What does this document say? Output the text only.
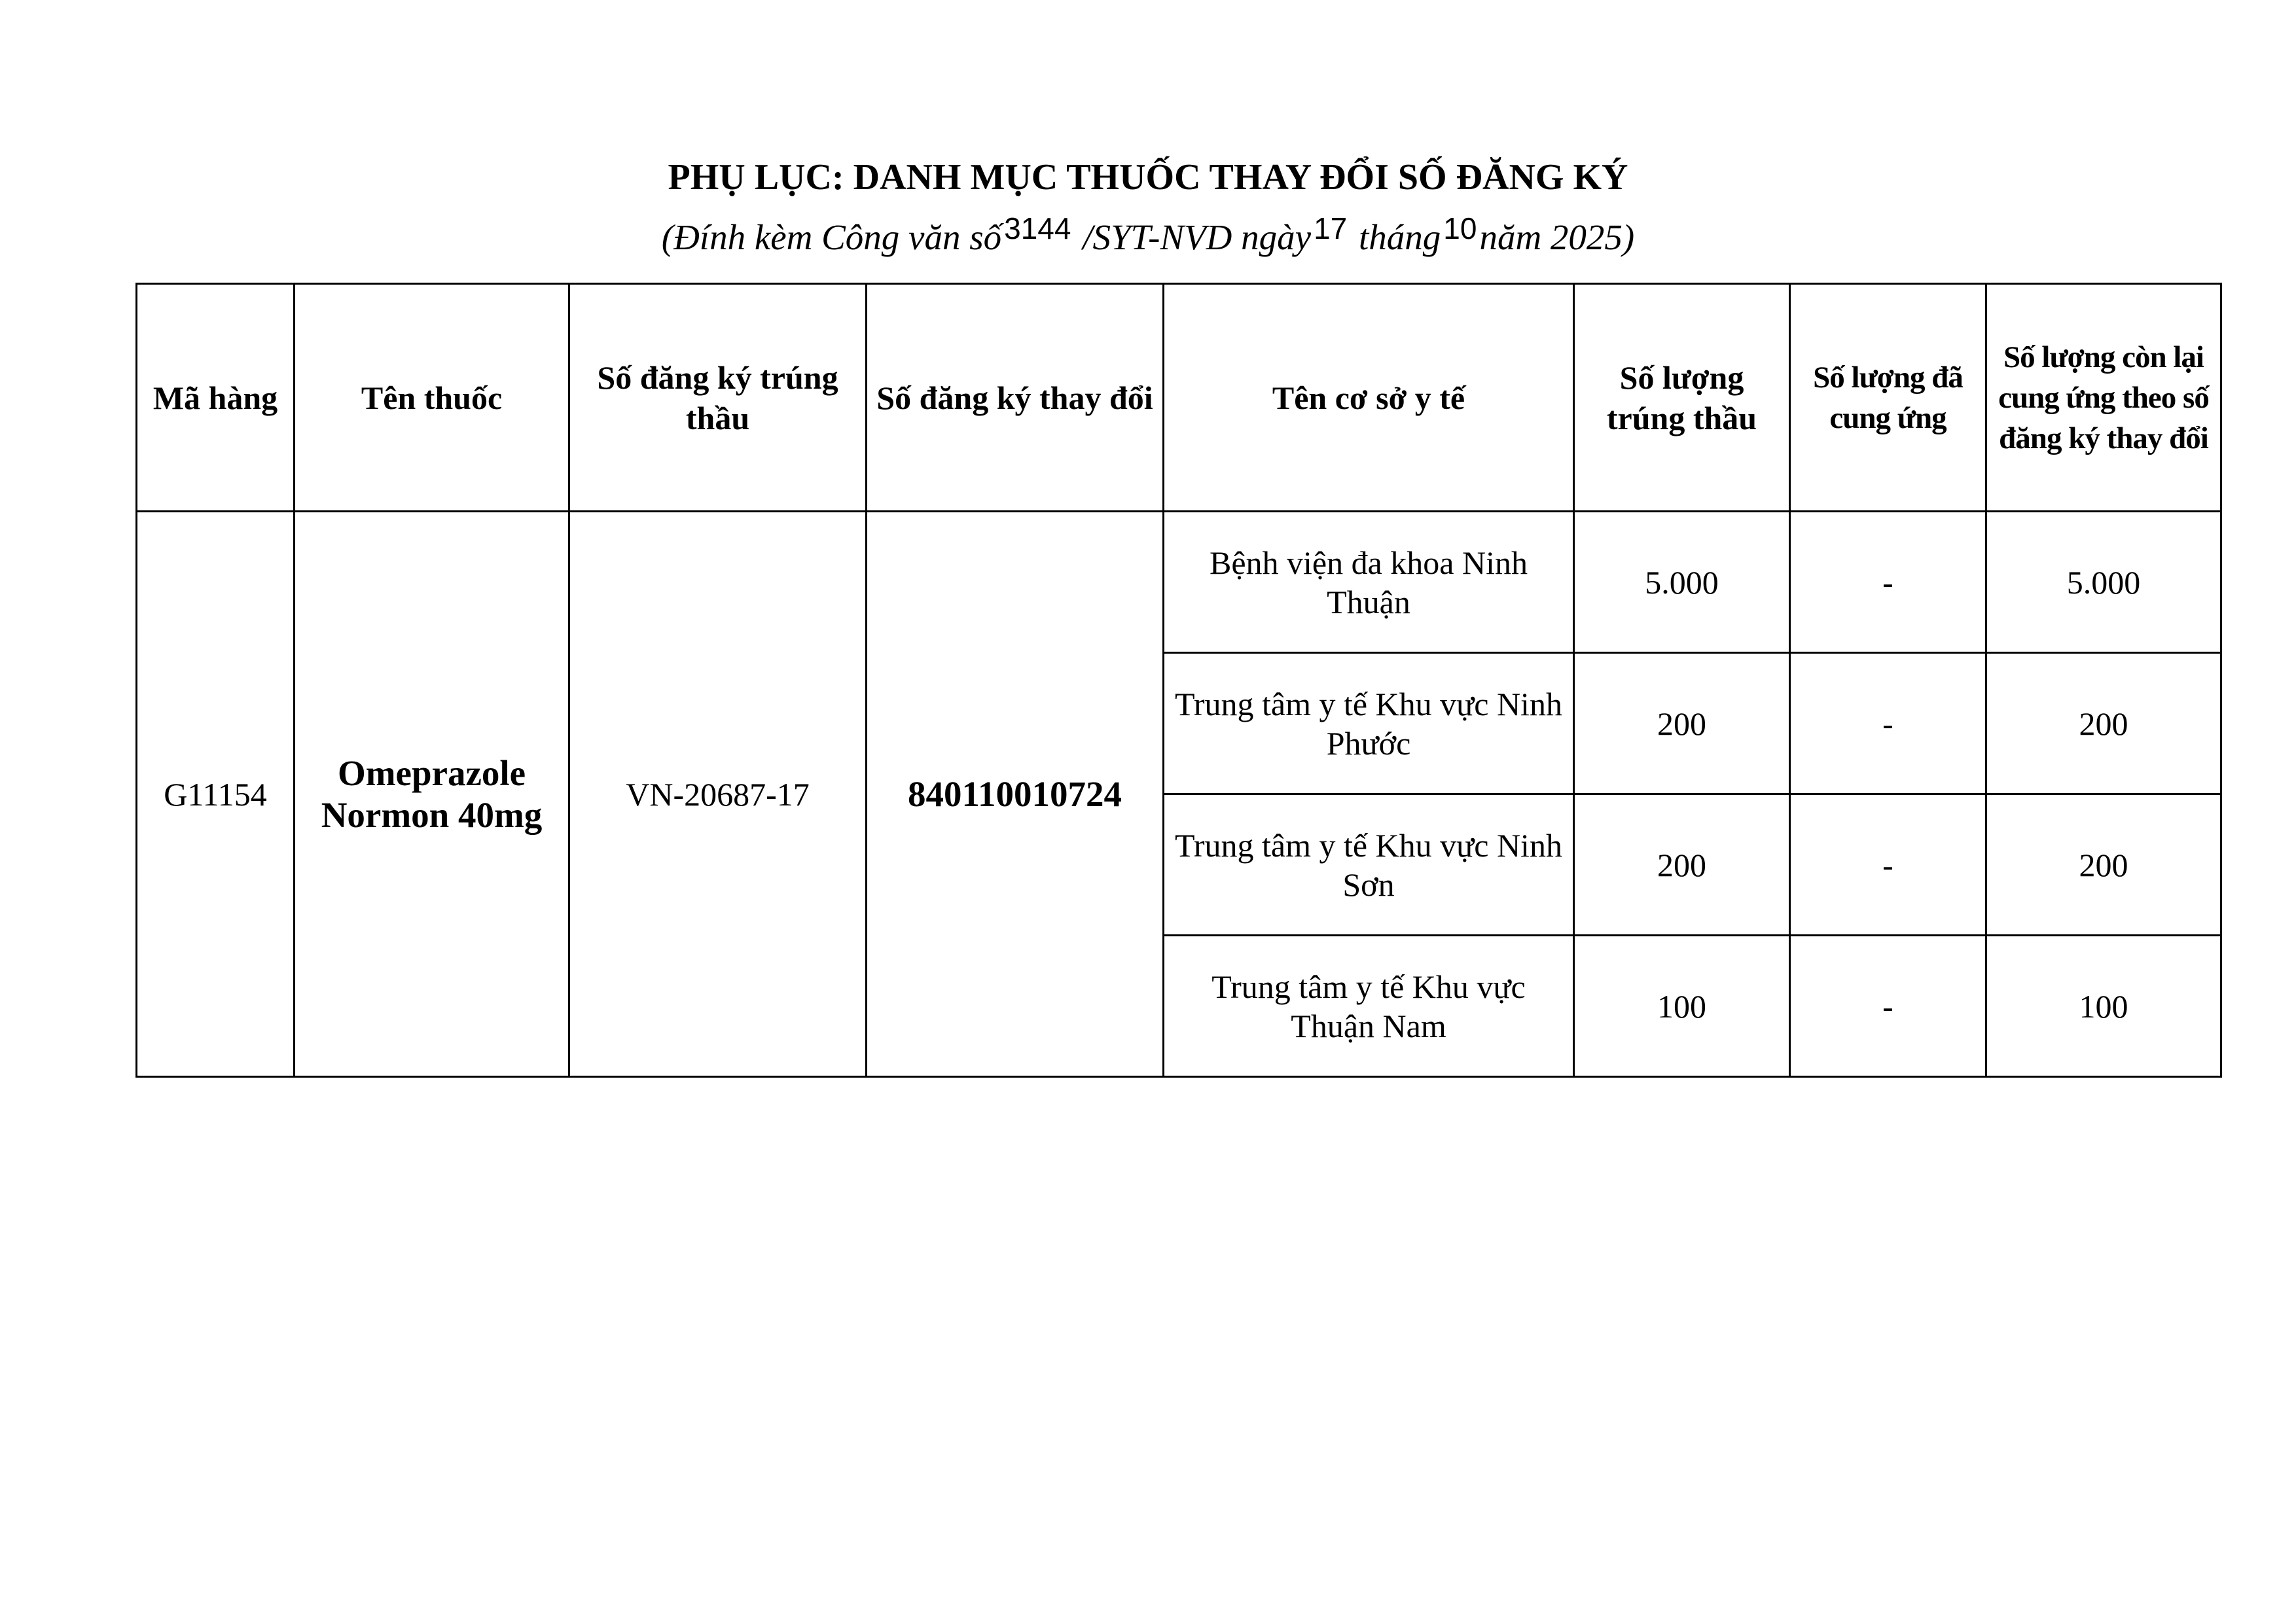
PHỤ LỤC: DANH MỤC THUỐC THAY ĐỔI SỐ ĐĂNG KÝ
(Đính kèm Công văn số$^{3144}$ /SYT-NVD ngày$^{17}$ tháng$^{10}$năm 2025)
Mã hàng	Tên thuốc	Số đăng ký trúng thầu	Số đăng ký thay đổi	Tên cơ sở y tế	Số lượng trúng thầu	Số lượng đã cung ứng	Số lượng còn lại cung ứng theo số đăng ký thay đổi
G11154	Omeprazole Normon 40mg	VN-20687-17	840110010724	Bệnh viện đa khoa Ninh Thuận	5.000	-	5.000
				Trung tâm y tế Khu vực Ninh Phước	200	-	200
				Trung tâm y tế Khu vực Ninh Sơn	200	-	200
				Trung tâm y tế Khu vực Thuận Nam	100	-	100
